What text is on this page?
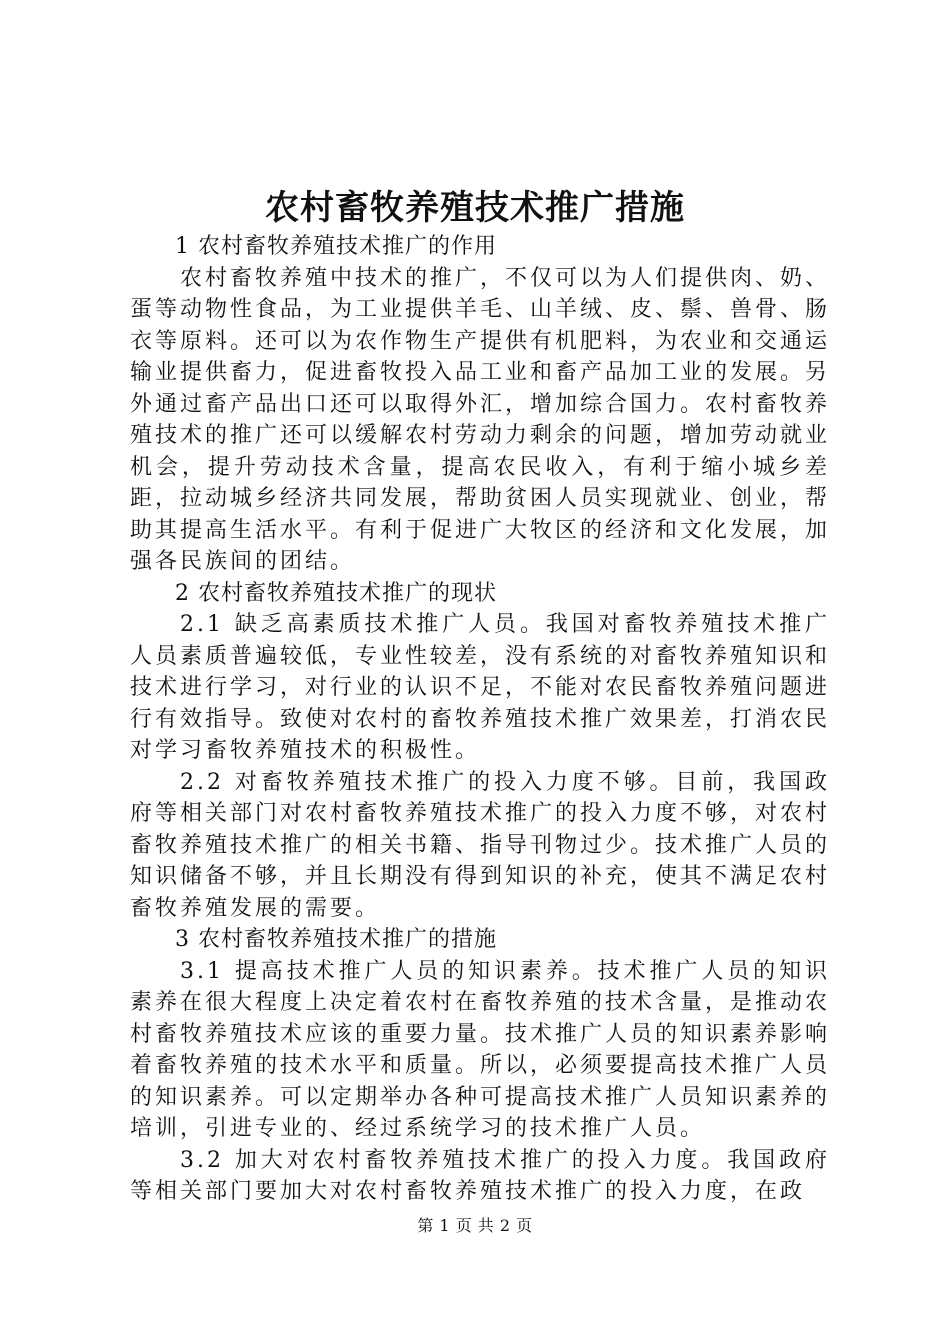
农村畜牧养殖技术推广措施

1 农村畜牧养殖技术推广的作用

农村畜牧养殖中技术的推广，不仅可以为人们提供肉、奶、蛋等动物性食品，为工业提供羊毛、山羊绒、皮、鬃、兽骨、肠衣等原料。还可以为农作物生产提供有机肥料，为农业和交通运输业提供畜力，促进畜牧投入品工业和畜产品加工业的发展。另外通过畜产品出口还可以取得外汇，增加综合国力。农村畜牧养殖技术的推广还可以缓解农村劳动力剩余的问题，增加劳动就业机会，提升劳动技术含量，提高农民收入，有利于缩小城乡差距，拉动城乡经济共同发展，帮助贫困人员实现就业、创业，帮助其提高生活水平。有利于促进广大牧区的经济和文化发展，加强各民族间的团结。

2 农村畜牧养殖技术推广的现状

2.1 缺乏高素质技术推广人员。我国对畜牧养殖技术推广人员素质普遍较低，专业性较差，没有系统的对畜牧养殖知识和技术进行学习，对行业的认识不足，不能对农民畜牧养殖问题进行有效指导。致使对农村的畜牧养殖技术推广效果差，打消农民对学习畜牧养殖技术的积极性。

2.2 对畜牧养殖技术推广的投入力度不够。目前，我国政府等相关部门对农村畜牧养殖技术推广的投入力度不够，对农村畜牧养殖技术推广的相关书籍、指导刊物过少。技术推广人员的知识储备不够，并且长期没有得到知识的补充，使其不满足农村畜牧养殖发展的需要。

3 农村畜牧养殖技术推广的措施

3.1 提高技术推广人员的知识素养。技术推广人员的知识素养在很大程度上决定着农村在畜牧养殖的技术含量，是推动农村畜牧养殖技术应该的重要力量。技术推广人员的知识素养影响着畜牧养殖的技术水平和质量。所以，必须要提高技术推广人员的知识素养。可以定期举办各种可提高技术推广人员知识素养的培训，引进专业的、经过系统学习的技术推广人员。

3.2 加大对农村畜牧养殖技术推广的投入力度。我国政府等相关部门要加大对农村畜牧养殖技术推广的投入力度，在政

第 1 页 共 2 页
